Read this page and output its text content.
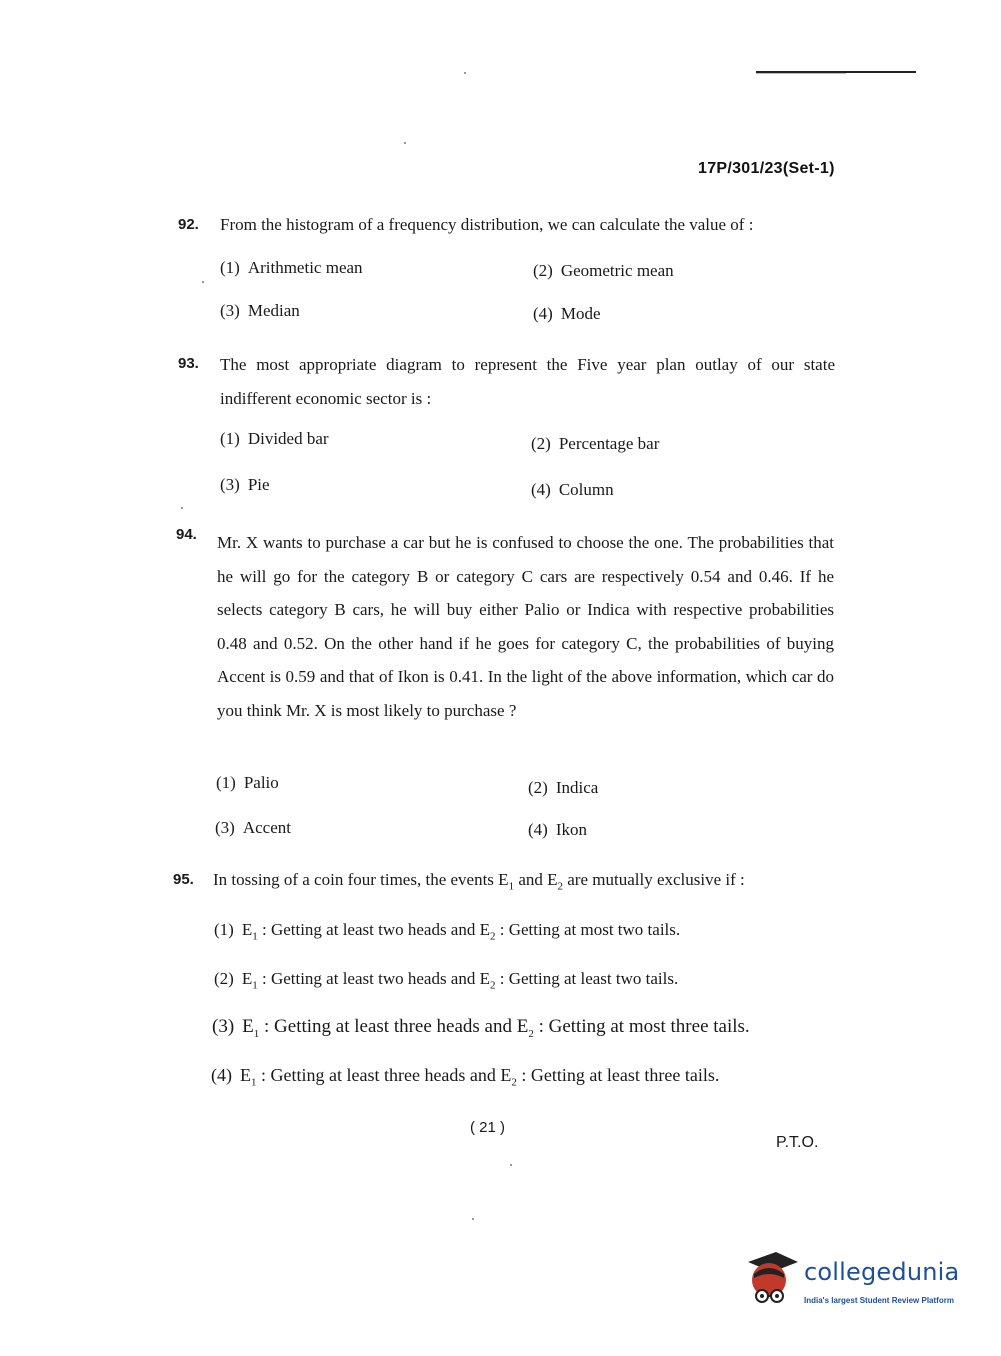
17P/301/23(Set-1)
92. From the histogram of a frequency distribution, we can calculate the value of :
(1) Arithmetic mean	(2) Geometric mean
(3) Median	(4) Mode
93. The most appropriate diagram to represent the Five year plan outlay of our state indifferent economic sector is :
(1) Divided bar	(2) Percentage bar
(3) Pie	(4) Column
94. Mr. X wants to purchase a car but he is confused to choose the one. The probabilities that he will go for the category B or category C cars are respectively 0.54 and 0.46. If he selects category B cars, he will buy either Palio or Indica with respective probabilities 0.48 and 0.52. On the other hand if he goes for category C, the probabilities of buying Accent is 0.59 and that of Ikon is 0.41. In the light of the above information, which car do you think Mr. X is most likely to purchase ?
(1) Palio	(2) Indica
(3) Accent	(4) Ikon
95. In tossing of a coin four times, the events $E_1$ and $E_2$ are mutually exclusive if :
(1) $E_1$ : Getting at least two heads and $E_2$ : Getting at most two tails.
(2) $E_1$ : Getting at least two heads and $E_2$ : Getting at least two tails.
(3) $E_1$ : Getting at least three heads and $E_2$ : Getting at most three tails.
(4) $E_1$ : Getting at least three heads and $E_2$ : Getting at least three tails.
( 21 )
P.T.O.
collegedunia
India's largest Student Review Platform
